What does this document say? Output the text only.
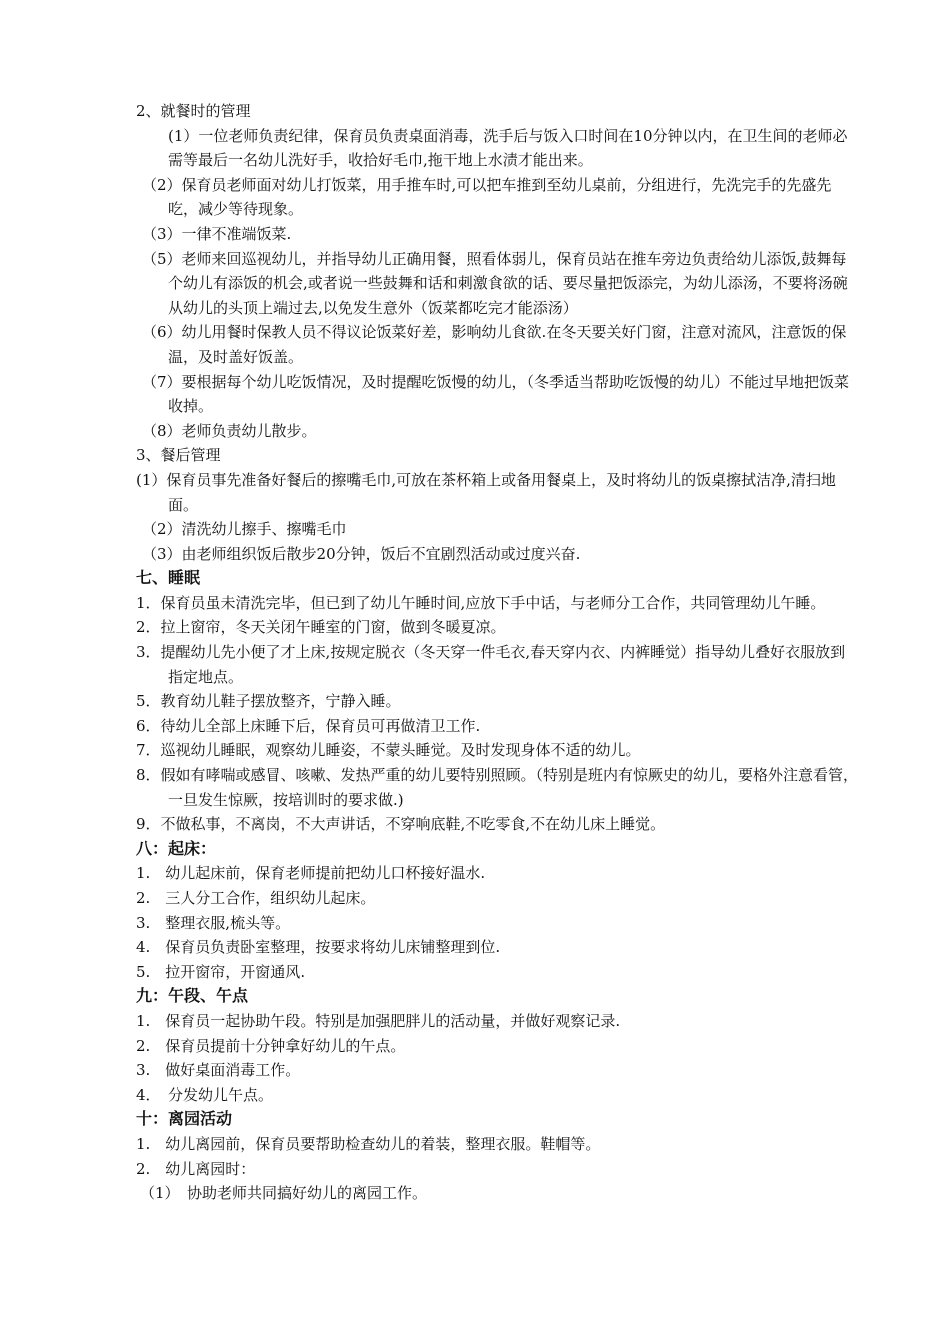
2、就餐时的管理
(1）一位老师负责纪律，保育员负责桌面消毒，洗手后与饭入口时间在10分钟以内，在卫生间的老师必需等最后一名幼儿洗好手，收拾好毛巾,拖干地上水渍才能出来。
（2）保育员老师面对幼儿打饭菜，用手推车时,可以把车推到至幼儿桌前，分组进行，先洗完手的先盛先吃，减少等待现象。
（3）一律不准端饭菜.
（5）老师来回巡视幼儿，并指导幼儿正确用餐，照看体弱儿，保育员站在推车旁边负责给幼儿添饭,鼓舞每个幼儿有添饭的机会,或者说一些鼓舞和话和刺激食欲的话、要尽量把饭添完，为幼儿添汤，不要将汤碗从幼儿的头顶上端过去,以免发生意外（饭菜都吃完才能添汤）
（6）幼儿用餐时保教人员不得议论饭菜好差，影响幼儿食欲.在冬天要关好门窗，注意对流风，注意饭的保温，及时盖好饭盖。
（7）要根据每个幼儿吃饭情况，及时提醒吃饭慢的幼儿，（冬季适当帮助吃饭慢的幼儿）不能过早地把饭菜收掉。
（8）老师负责幼儿散步。
3、餐后管理
(1）保育员事先准备好餐后的擦嘴毛巾,可放在茶杯箱上或备用餐桌上，及时将幼儿的饭桌擦拭洁净,清扫地面。
（2）清洗幼儿擦手、擦嘴毛巾
（3）由老师组织饭后散步20分钟，饭后不宜剧烈活动或过度兴奋.
七、睡眠
1．保育员虽未清洗完毕，但已到了幼儿午睡时间,应放下手中话，与老师分工合作，共同管理幼儿午睡。
2．拉上窗帘，冬天关闭午睡室的门窗，做到冬暖夏凉。
3．提醒幼儿先小便了才上床,按规定脱衣（冬天穿一件毛衣,春天穿内衣、内裤睡觉）指导幼儿叠好衣服放到指定地点。
5．教育幼儿鞋子摆放整齐，宁静入睡。
6．待幼儿全部上床睡下后，保育员可再做清卫工作.
7．巡视幼儿睡眠，观察幼儿睡姿，不蒙头睡觉。及时发现身体不适的幼儿。
8．假如有哮喘或感冒、咳嗽、发热严重的幼儿要特别照顾。（特别是班内有惊厥史的幼儿，要格外注意看管，一旦发生惊厥，按培训时的要求做.)
9．不做私事，不离岗，不大声讲话，不穿响底鞋,不吃零食,不在幼儿床上睡觉。
八：起床：
1.　幼儿起床前，保育老师提前把幼儿口杯接好温水.
2.　三人分工合作，组织幼儿起床。
3.　整理衣服,梳头等。
4.　保育员负责卧室整理，按要求将幼儿床铺整理到位.
5.　拉开窗帘，开窗通风.
九：午段、午点
1.　保育员一起协助午段。特别是加强肥胖儿的活动量，并做好观察记录.
2.　保育员提前十分钟拿好幼儿的午点。
3.　做好桌面消毒工作。
4．　分发幼儿午点。
十：离园活动
1.　幼儿离园前，保育员要帮助检查幼儿的着装，整理衣服。鞋帽等。
2.　幼儿离园时：
（1）　协助老师共同搞好幼儿的离园工作。
